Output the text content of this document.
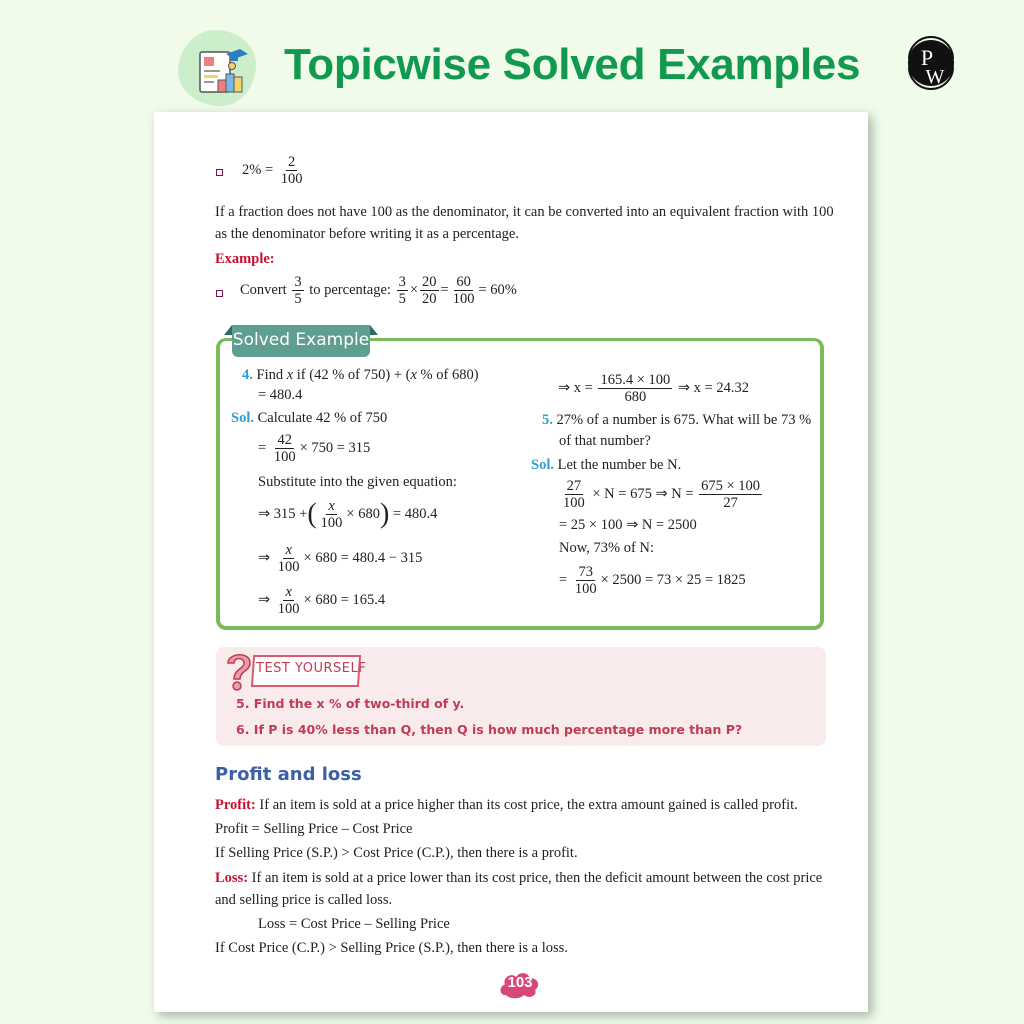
Topicwise Solved Examples	P
W
$2\% = \frac{2}{100}$
If a fraction does not have 100 as the denominator, it can be converted into an equivalent fraction with 100
as the denominator before writing it as a percentage.
Example:
Convert $\frac{3}{5}$ to percentage: $\frac{3}{5} \times \frac{20}{20} = \frac{60}{100} = 60\%$
Solved Example
4. Find x if (42 % of 750) + (x % of 680)
= 480.4
Sol. Calculate 42 % of 750
= $\frac{42}{100} \times 750 = 315$
Substitute into the given equation:
⇒ 315 +( $\frac{x}{100} \times 680) = 480.4$
⇒ $\frac{x}{100} \times 680 = 480.4 - 315$
⇒ $\frac{x}{100} \times 680 = 165.4$
⇒ $x = \frac{165.4 \times 100}{680}$ ⇒ x = 24.32
5. 27% of a number is 675. What will be 73 %
of that number?
Sol. Let the number be N.
$\frac{27}{100} \times N = 675$ ⇒ $N = \frac{675 \times 100}{27}$
= 25 × 100 ⇒ N = 2500
Now, 73% of N:
= $\frac{73}{100} \times 2500 = 73 \times 25 = 1825$
TEST YOURSELF
5. Find the x % of two-third of y.
6. If P is 40% less than Q, then Q is how much percentage more than P?
Profit and loss
Profit: If an item is sold at a price higher than its cost price, the extra amount gained is called profit.
Profit = Selling Price – Cost Price
If Selling Price (S.P.) > Cost Price (C.P.), then there is a profit.
Loss: If an item is sold at a price lower than its cost price, then the deficit amount between the cost price
and selling price is called loss.
Loss = Cost Price – Selling Price
If Cost Price (C.P.) > Selling Price (S.P.), then there is a loss.
103
